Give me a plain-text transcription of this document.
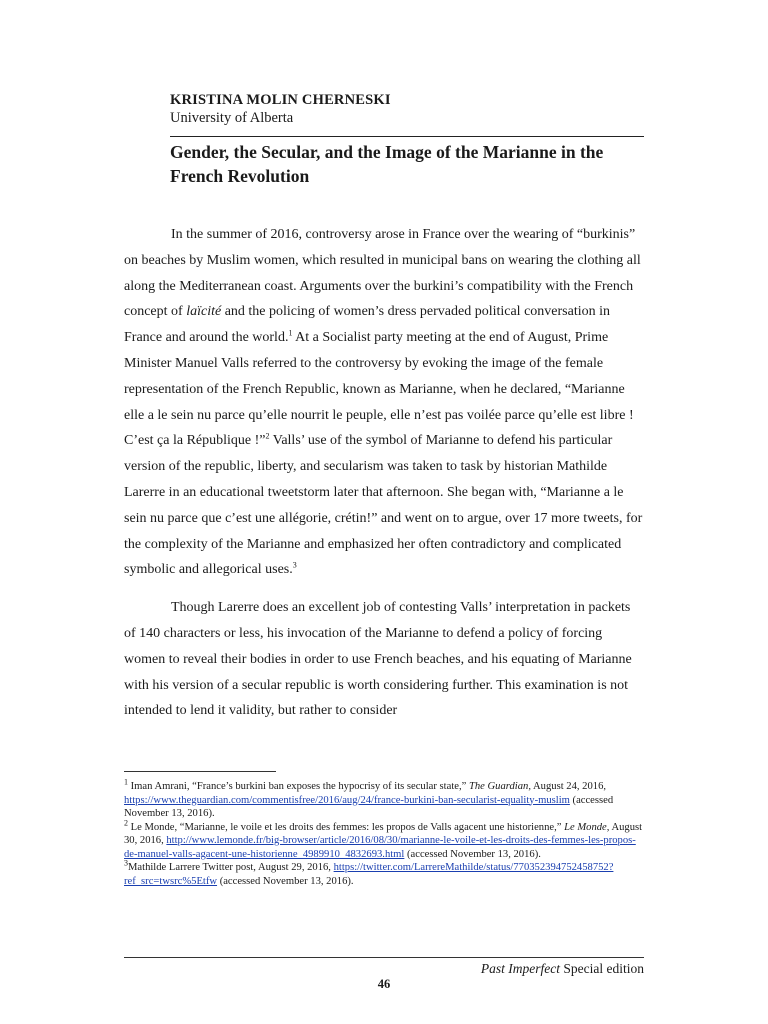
KRISTINA MOLIN CHERNESKI
University of Alberta
Gender, the Secular, and the Image of the Marianne in the French Revolution

In the summer of 2016, controversy arose in France over the wearing of “burkinis” on beaches by Muslim women, which resulted in municipal bans on wearing the clothing all along the Mediterranean coast. Arguments over the burkini’s compatibility with the French concept of laïcité and the policing of women’s dress pervaded political conversation in France and around the world.$^1$ At a Socialist party meeting at the end of August, Prime Minister Manuel Valls referred to the controversy by evoking the image of the female representation of the French Republic, known as Marianne, when he declared, “Marianne elle a le sein nu parce qu’elle nourrit le peuple, elle n’est pas voilée parce qu’elle est libre ! C’est ça la République !”$^2$ Valls’ use of the symbol of Marianne to defend his particular version of the republic, liberty, and secularism was taken to task by historian Mathilde Larerre in an educational tweetstorm later that afternoon. She began with, “Marianne a le sein nu parce que c’est une allégorie, crétin!” and went on to argue, over 17 more tweets, for the complexity of the Marianne and emphasized her often contradictory and complicated symbolic and allegorical uses.$^3$

Though Larerre does an excellent job of contesting Valls’ interpretation in packets of 140 characters or less, his invocation of the Marianne to defend a policy of forcing women to reveal their bodies in order to use French beaches, and his equating of Marianne with his version of a secular republic is worth considering further. This examination is not intended to lend it validity, but rather to consider

$^1$ Iman Amrani, “France’s burkini ban exposes the hypocrisy of its secular state,” The Guardian, August 24, 2016, https://www.theguardian.com/commentisfree/2016/aug/24/france-burkini-ban-secularist-equality-muslim (accessed November 13, 2016).

$^2$ Le Monde, “Marianne, le voile et les droits des femmes: les propos de Valls agacent une historienne,” Le Monde, August 30, 2016, http://www.lemonde.fr/big-browser/article/2016/08/30/marianne-le-voile-et-les-droits-des-femmes-les-propos-de-manuel-valls-agacent-une-historienne_4989910_4832693.html (accessed November 13, 2016).

$^3$Mathilde Larrere Twitter post, August 29, 2016, https://twitter.com/LarrereMathilde/status/770352394752458752?ref_src=twsrc%5Etfw (accessed November 13, 2016).

Past Imperfect Special edition
46
